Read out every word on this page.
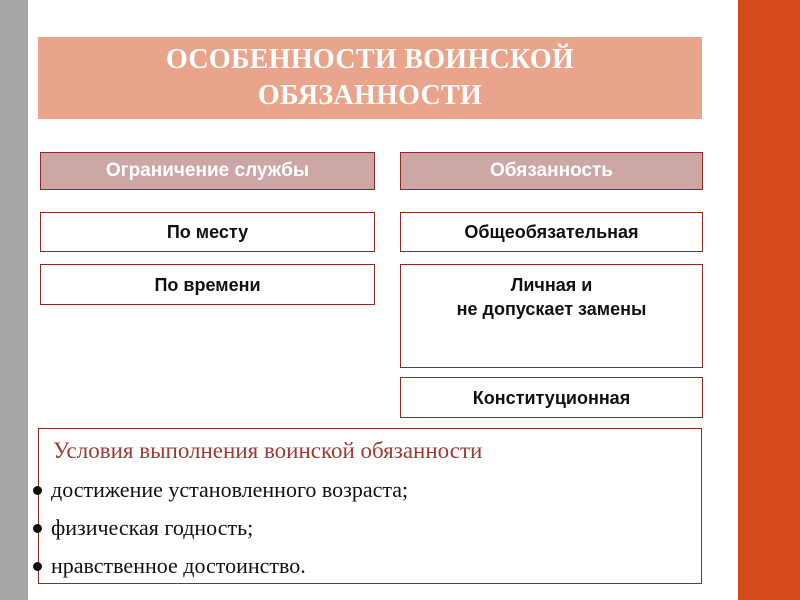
ОСОБЕННОСТИ ВОИНСКОЙ ОБЯЗАННОСТИ
Ограничение службы
По месту
По времени
Обязанность
Общеобязательная
Личная и
не допускает замены
Конституционная
Условия выполнения воинской обязанности
достижение установленного возраста;
физическая годность;
нравственное достоинство.
